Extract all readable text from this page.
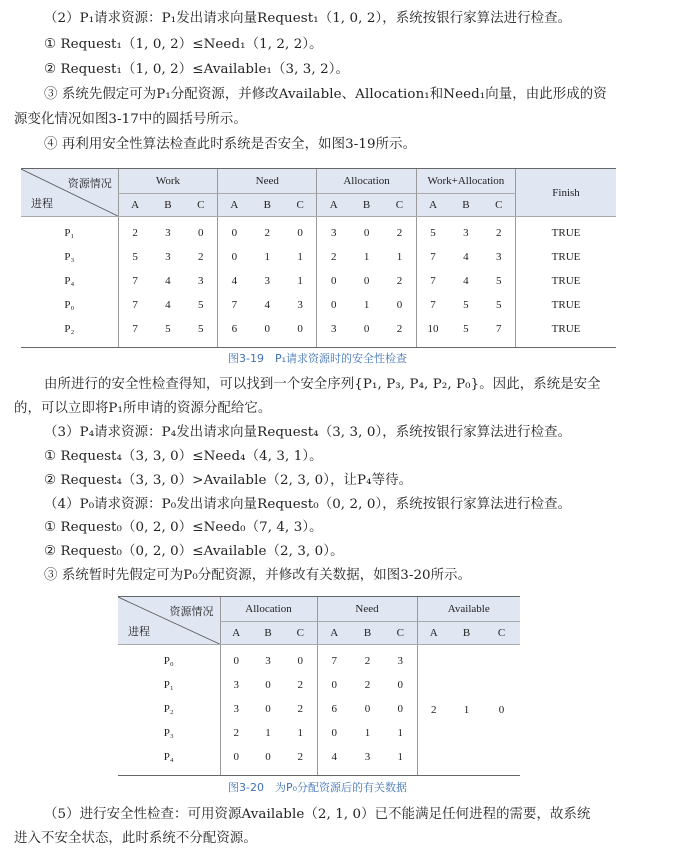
（2）P₁请求资源：P₁发出请求向量Request₁（1, 0, 2），系统按银行家算法进行检查。
① Request₁（1, 0, 2）≤Need₁（1, 2, 2）。
② Request₁（1, 0, 2）≤Available₁（3, 3, 2）。
③ 系统先假定可为P₁分配资源，并修改Available、Allocation₁和Need₁向量，由此形成的资
源变化情况如图3-17中的圆括号所示。
④ 再利用安全性算法检查此时系统是否安全，如图3-19所示。
资源情况
进程	Work			Need			Allocation			Work+Allocation			Finish
	A	B	C	A	B	C	A	B	C	A	B	C	
P₁	2	3	0	0	2	0	3	0	2	5	3	2	TRUE
P₃	5	3	2	0	1	1	2	1	1	7	4	3	TRUE
P₄	7	4	3	4	3	1	0	0	2	7	4	5	TRUE
P₀	7	4	5	7	4	3	0	1	0	7	5	5	TRUE
P₂	7	5	5	6	0	0	3	0	2	10	5	7	TRUE
图3-19　P₁请求资源时的安全性检查
由所进行的安全性检查得知，可以找到一个安全序列{P₁, P₃, P₄, P₂, P₀}。因此，系统是安全
的，可以立即将P₁所申请的资源分配给它。
（3）P₄请求资源：P₄发出请求向量Request₄（3, 3, 0），系统按银行家算法进行检查。
① Request₄（3, 3, 0）≤Need₄（4, 3, 1）。
② Request₄（3, 3, 0）>Available（2, 3, 0），让P₄等待。
（4）P₀请求资源：P₀发出请求向量Request₀（0, 2, 0），系统按银行家算法进行检查。
① Request₀（0, 2, 0）≤Need₀（7, 4, 3）。
② Request₀（0, 2, 0）≤Available（2, 3, 0）。
③ 系统暂时先假定可为P₀分配资源，并修改有关数据，如图3-20所示。
资源情况
进程	Allocation			Need			Available		
	A	B	C	A	B	C	A	B	C
P₀	0	3	0	7	2	3	2	1	0
P₁	3	0	2	0	2	0			
P₂	3	0	2	6	0	0			
P₃	2	1	1	0	1	1			
P₄	0	0	2	4	3	1			
图3-20　为P₀分配资源后的有关数据
（5）进行安全性检查：可用资源Available（2, 1, 0）已不能满足任何进程的需要，故系统
进入不安全状态，此时系统不分配资源。
